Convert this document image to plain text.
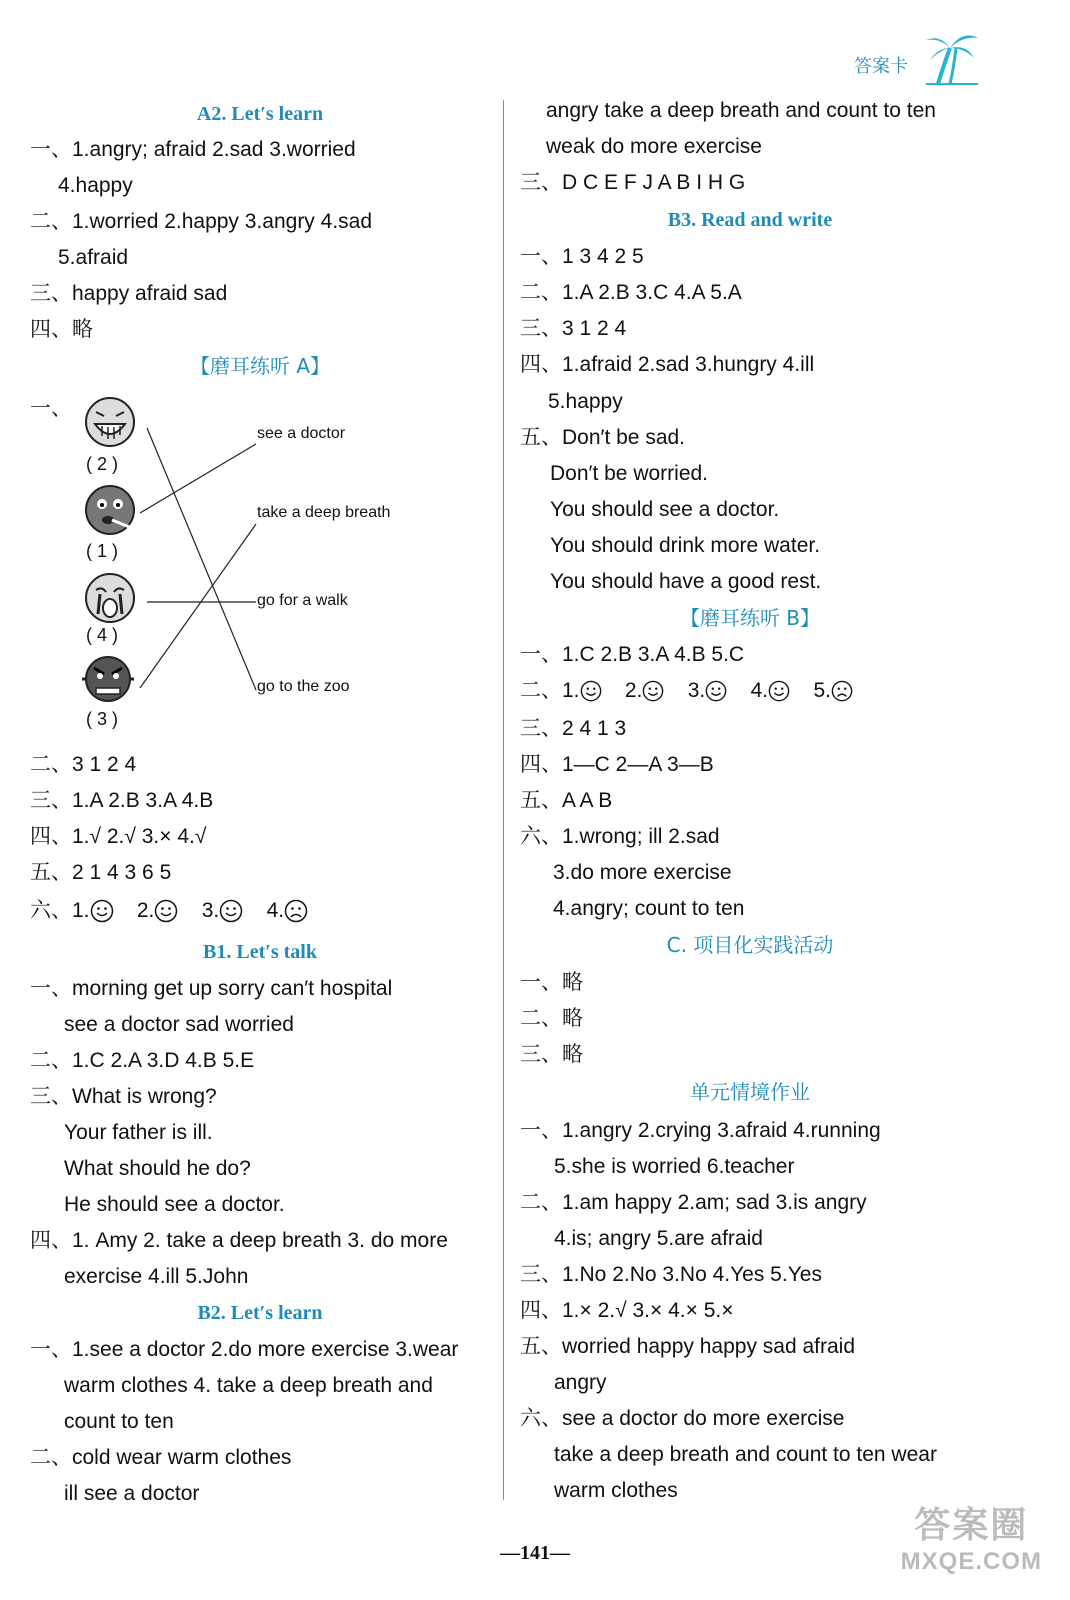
答案卡
A2. Let′s learn
一、1.angry; afraid 2.sad 3.worried
4.happy
二、1.worried 2.happy 3.angry 4.sad
5.afraid
三、happy afraid sad
四、略
【磨耳练听 A】
一、
( 2 )
( 1 )
( 4 )
( 3 )
see a doctor
take a deep breath
go for a walk
go to the zoo
二、3 1 2 4
三、1.A 2.B 3.A 4.B
四、1.√ 2.√ 3.× 4.√
五、2 1 4 3 6 5
六、1. 2. 3. 4.
B1. Let′s talk
一、morning get up sorry can′t hospital
see a doctor sad worried
二、1.C 2.A 3.D 4.B 5.E
三、What is wrong?
Your father is ill.
What should he do?
He should see a doctor.
四、1. Amy 2. take a deep breath 3. do more
exercise 4.ill 5.John
B2. Let′s learn
一、1.see a doctor 2.do more exercise 3.wear
warm clothes 4. take a deep breath and
count to ten
二、cold wear warm clothes
ill see a doctor
angry take a deep breath and count to ten
weak do more exercise
三、D C E F J A B I H G
B3. Read and write
一、1 3 4 2 5
二、1.A 2.B 3.C 4.A 5.A
三、3 1 2 4
四、1.afraid 2.sad 3.hungry 4.ill
5.happy
五、Don′t be sad.
Don′t be worried.
You should see a doctor.
You should drink more water.
You should have a good rest.
【磨耳练听 B】
一、1.C 2.B 3.A 4.B 5.C
二、1. 2. 3. 4. 5.
三、2 4 1 3
四、1—C 2—A 3—B
五、A A B
六、1.wrong; ill 2.sad
3.do more exercise
4.angry; count to ten
C. 项目化实践活动
一、略
二、略
三、略
单元情境作业
一、1.angry 2.crying 3.afraid 4.running
5.she is worried 6.teacher
二、1.am happy 2.am; sad 3.is angry
4.is; angry 5.are afraid
三、1.No 2.No 3.No 4.Yes 5.Yes
四、1.× 2.√ 3.× 4.× 5.×
五、worried happy happy sad afraid
angry
六、see a doctor do more exercise
take a deep breath and count to ten wear
warm clothes
—141—
答案圈
MXQE.COM
